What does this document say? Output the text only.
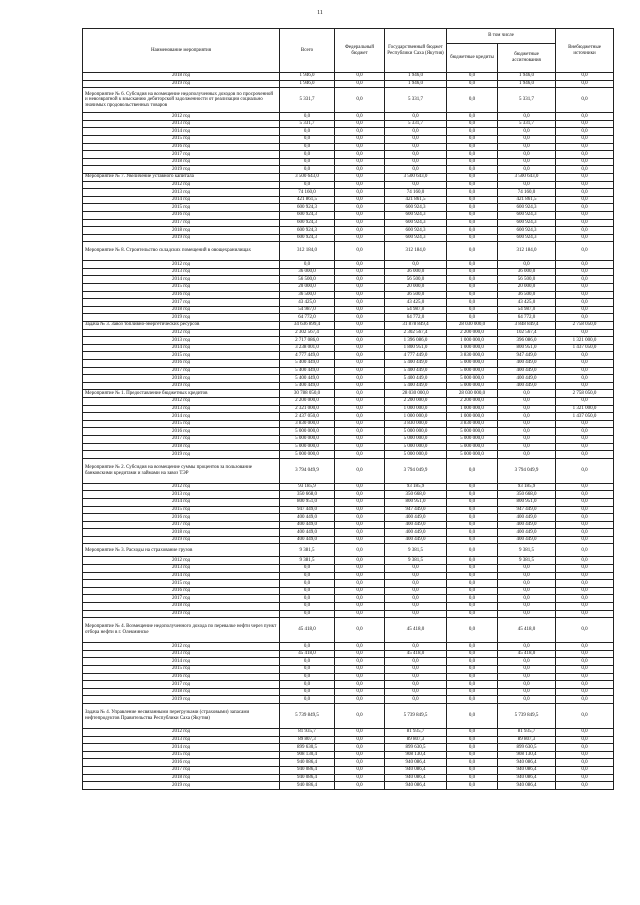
11
Наименование мероприятия	Всего	Федеральный бюджет	Государственный бюджет Республики Саха (Якутия)	В том числе		Внебюджетные источники
				бюджетные кредиты	бюджетные ассигнования	
2018 год	1 946,0	0,0	1 946,0	0,0	1 946,0	0,0
2019 год	1 946,0	0,0	1 946,0	0,0	1 946,0	0,0
Мероприятие № 6. Субсидия на возмещение недополученных доходов по просроченной и невозвратной к взысканию дебиторской задолженности от реализации социально значимых продовольственных товаров	5 331,7	0,0	5 331,7	0,0	5 331,7	0,0
2012 год	0,0	0,0	0,0	0,0	0,0	0,0
2013 год	5 331,7	0,0	5 331,7	0,0	5 331,7	0,0
2014 год	0,0	0,0	0,0	0,0	0,0	0,0
2015 год	0,0	0,0	0,0	0,0	0,0	0,0
2016 год	0,0	0,0	0,0	0,0	0,0	0,0
2017 год	0,0	0,0	0,0	0,0	0,0	0,0
2018 год	0,0	0,0	0,0	0,0	0,0	0,0
2019 год	0,0	0,0	0,0	0,0	0,0	0,0
Мероприятие № 7. Увеличение уставного капитала	3 500 643,0	0,0	3 500 643,0	0,0	3 500 643,0	0,0
2012 год	0,0	0,0	0,0	0,0	0,0	0,0
2013 год	74 160,0	0,0	74 160,0	0,0	74 160,0	0,0
2014 год	421 861,5	0,0	421 861,5	0,0	421 861,5	0,0
2015 год	600 924,3	0,0	600 924,3	0,0	600 924,3	0,0
2016 год	600 924,3	0,0	600 924,3	0,0	600 924,3	0,0
2017 год	600 924,3	0,0	600 924,3	0,0	600 924,3	0,0
2018 год	600 924,3	0,0	600 924,3	0,0	600 924,3	0,0
2019 год	600 924,3	0,0	600 924,3	0,0	600 924,3	0,0
Мероприятие № 8. Строительство складских помещений в овощехранилищах	312 184,0	0,0	312 184,0	0,0	312 184,0	0,0
2012 год	0,0	0,0	0,0	0,0	0,0	0,0
2013 год	36 000,0	0,0	36 000,0	0,0	36 000,0	0,0
2014 год	56 500,0	0,0	56 500,0	0,0	56 500,0	0,0
2015 год	20 000,0	0,0	20 000,0	0,0	20 000,0	0,0
2016 год	36 500,0	0,0	36 500,0	0,0	36 500,0	0,0
2017 год	43 425,0	0,0	43 425,0	0,0	43 425,0	0,0
2018 год	54 987,0	0,0	54 987,0	0,0	54 987,0	0,0
2019 год	64 772,0	0,0	64 772,0	0,0	64 772,0	0,0
Задача № 3. Завоз топливно-энергетических ресурсов	34 636 899,4	0,0	31 878 849,4	28 030 000,0	3 848 849,4	2 758 050,0
2012 год	2 302 567,4	0,0	2 302 567,4	2 200 000,0	102 567,4	0,0
2013 год	2 717 086,0	0,0	1 396 086,0	1 000 000,0	396 086,0	1 321 000,0
2014 год	3 238 001,0	0,0	1 800 951,0	1 000 000,0	800 951,0	1 437 050,0
2015 год	4 777 449,0	0,0	4 777 449,0	3 830 000,0	947 449,0	0,0
2016 год	5 400 449,0	0,0	5 400 449,0	5 000 000,0	400 449,0	0,0
2017 год	5 400 449,0	0,0	5 400 449,0	5 000 000,0	400 449,0	0,0
2018 год	5 400 449,0	0,0	5 400 449,0	5 000 000,0	400 449,0	0,0
2019 год	5 400 449,0	0,0	5 400 449,0	5 000 000,0	400 449,0	0,0
Мероприятие № 1. Предоставление бюджетных кредитов	30 788 050,0	0,0	28 030 000,0	28 030 000,0	0,0	2 758 050,0
2012 год	2 200 000,0	0,0	2 200 000,0	2 200 000,0	0,0	0,0
2013 год	2 321 000,0	0,0	1 000 000,0	1 000 000,0	0,0	1 321 000,0
2014 год	2 437 050,0	0,0	1 000 000,0	1 000 000,0	0,0	1 437 050,0
2015 год	3 830 000,0	0,0	3 830 000,0	3 830 000,0	0,0	0,0
2016 год	5 000 000,0	0,0	5 000 000,0	5 000 000,0	0,0	0,0
2017 год	5 000 000,0	0,0	5 000 000,0	5 000 000,0	0,0	0,0
2018 год	5 000 000,0	0,0	5 000 000,0	5 000 000,0	0,0	0,0
2019 год	5 000 000,0	0,0	5 000 000,0	5 000 000,0	0,0	0,0
Мероприятие № 2. Субсидия на возмещение суммы процентов за пользование банковскими кредитами и займами на завоз ТЭР	3 794 049,9	0,0	3 794 049,9	0,0	3 794 049,9	0,0
2012 год	93 185,9	0,0	93 185,9	0,0	93 185,9	0,0
2013 год	350 668,0	0,0	350 668,0	0,0	350 668,0	0,0
2014 год	800 951,0	0,0	800 951,0	0,0	800 951,0	0,0
2015 год	947 449,0	0,0	947 449,0	0,0	947 449,0	0,0
2016 год	400 449,0	0,0	400 449,0	0,0	400 449,0	0,0
2017 год	400 449,0	0,0	400 449,0	0,0	400 449,0	0,0
2018 год	400 449,0	0,0	400 449,0	0,0	400 449,0	0,0
2019 год	400 449,0	0,0	400 449,0	0,0	400 449,0	0,0
Мероприятие № 3. Расходы на страхование грузов	9 381,5	0,0	9 381,5	0,0	9 381,5	0,0
2012 год	9 381,5	0,0	9 381,5	0,0	9 381,5	0,0
2013 год	0,0	0,0	0,0	0,0	0,0	0,0
2014 год	0,0	0,0	0,0	0,0	0,0	0,0
2015 год	0,0	0,0	0,0	0,0	0,0	0,0
2016 год	0,0	0,0	0,0	0,0	0,0	0,0
2017 год	0,0	0,0	0,0	0,0	0,0	0,0
2018 год	0,0	0,0	0,0	0,0	0,0	0,0
2019 год	0,0	0,0	0,0	0,0	0,0	0,0
Мероприятие № 4. Возмещение недополученного дохода по перевалке нефти через пункт отбора нефти в г. Олекминске	45 418,0	0,0	45 418,0	0,0	45 418,0	0,0
2012 год	0,0	0,0	0,0	0,0	0,0	0,0
2013 год	45 418,0	0,0	45 418,0	0,0	45 418,0	0,0
2014 год	0,0	0,0	0,0	0,0	0,0	0,0
2015 год	0,0	0,0	0,0	0,0	0,0	0,0
2016 год	0,0	0,0	0,0	0,0	0,0	0,0
2017 год	0,0	0,0	0,0	0,0	0,0	0,0
2018 год	0,0	0,0	0,0	0,0	0,0	0,0
2019 год	0,0	0,0	0,0	0,0	0,0	0,0
Задача № 4. Управление несвязанными перегрузками (страховыми) запасами нефтепродуктов Правительства Республики Саха (Якутия)	5 739 849,5	0,0	5 739 849,5	0,0	5 739 849,5	0,0
2012 год	81 935,7	0,0	81 935,7	0,0	81 935,7	0,0
2013 год	89 807,3	0,0	89 807,3	0,0	89 807,3	0,0
2014 год	899 630,5	0,0	899 630,5	0,0	899 630,5	0,0
2015 год	908 130,4	0,0	908 130,4	0,0	908 130,4	0,0
2016 год	940 086,4	0,0	940 086,4	0,0	940 086,4	0,0
2017 год	940 086,4	0,0	940 086,4	0,0	940 086,4	0,0
2018 год	940 086,4	0,0	940 086,4	0,0	940 086,4	0,0
2019 год	940 086,4	0,0	940 086,4	0,0	940 086,4	0,0
